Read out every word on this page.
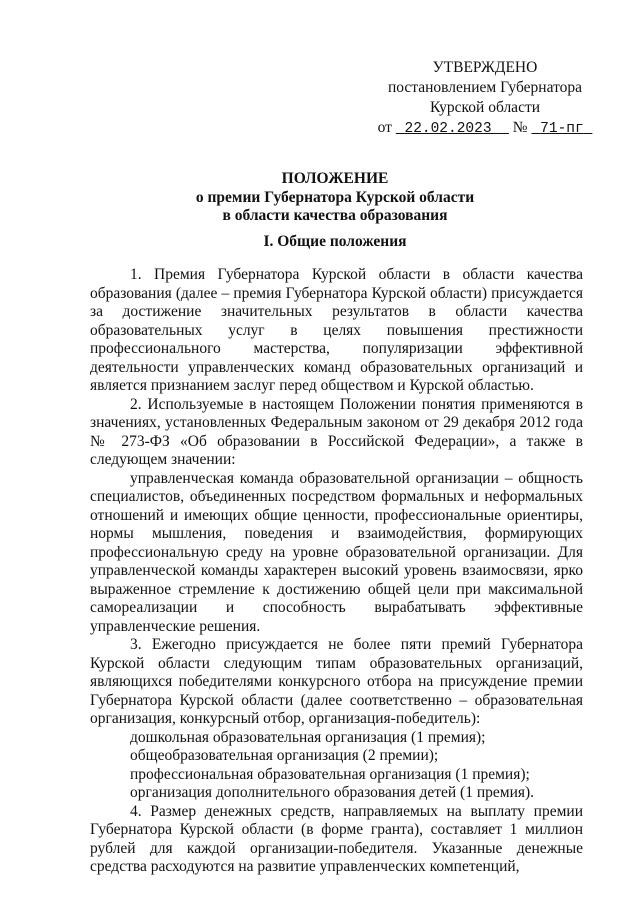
УТВЕРЖДЕНО
постановлением Губернатора
Курской области
от 22.02.2023 № 71-пг
ПОЛОЖЕНИЕ
о премии Губернатора Курской области
в области качества образования
I. Общие положения

1. Премия Губернатора Курской области в области качества образования (далее – премия Губернатора Курской области) присуждается за достижение значительных результатов в области качества образовательных услуг в целях повышения престижности профессионального мастерства, популяризации эффективной деятельности управленческих команд образовательных организаций и является признанием заслуг перед обществом и Курской областью.

2. Используемые в настоящем Положении понятия применяются в значениях, установленных Федеральным законом от 29 декабря 2012 года № 273-ФЗ «Об образовании в Российской Федерации», а также в следующем значении:

управленческая команда образовательной организации – общность специалистов, объединенных посредством формальных и неформальных отношений и имеющих общие ценности, профессиональные ориентиры, нормы мышления, поведения и взаимодействия, формирующих профессиональную среду на уровне образовательной организации. Для управленческой команды характерен высокий уровень взаимосвязи, ярко выраженное стремление к достижению общей цели при максимальной самореализации и способность вырабатывать эффективные управленческие решения.

3. Ежегодно присуждается не более пяти премий Губернатора Курской области следующим типам образовательных организаций, являющихся победителями конкурсного отбора на присуждение премии Губернатора Курской области (далее соответственно – образовательная организация, конкурсный отбор, организация-победитель):

дошкольная образовательная организация (1 премия);

общеобразовательная организация (2 премии);

профессиональная образовательная организация (1 премия);

организация дополнительного образования детей (1 премия).

4. Размер денежных средств, направляемых на выплату премии Губернатора Курской области (в форме гранта), составляет 1 миллион рублей для каждой организации-победителя. Указанные денежные средства расходуются на развитие управленческих компетенций,
